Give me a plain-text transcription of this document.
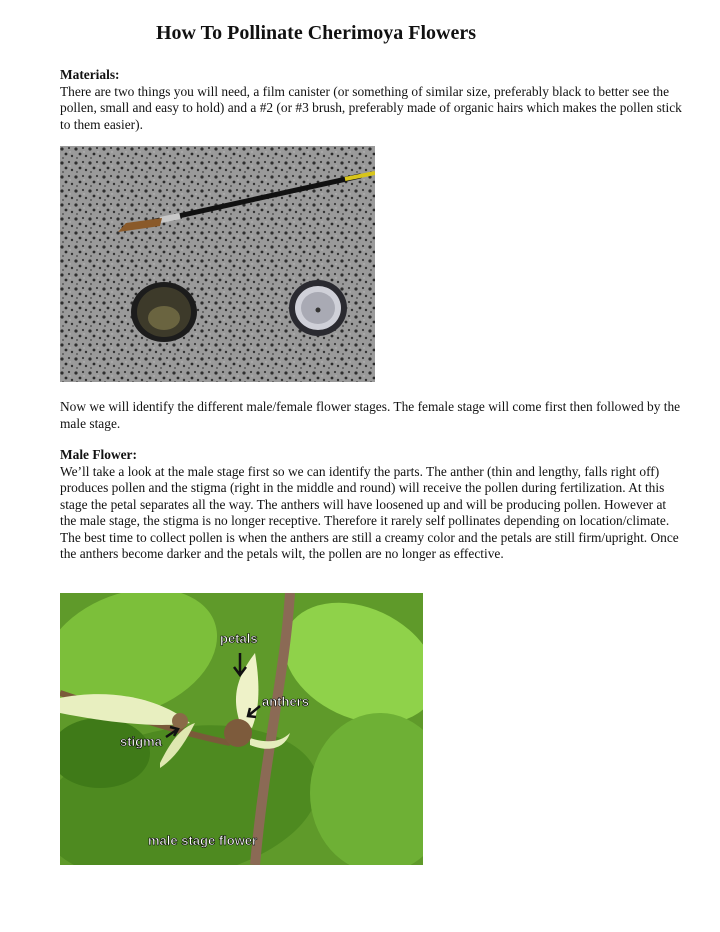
How To Pollinate Cherimoya Flowers
Materials:
There are two things you will need, a film canister (or something of similar size, preferably black to better see the pollen, small and easy to hold) and a #2 (or #3 brush, preferably made of organic hairs which makes the pollen stick to them easier).
Now we will identify the different male/female flower stages. The female stage will come first then followed by the male stage.
Male Flower:
We’ll take a look at the male stage first so we can identify the parts. The anther (thin and lengthy, falls right off) produces pollen and the stigma (right in the middle and round) will receive the pollen during fertilization. At this stage the petal separates all the way. The anthers will have loosened up and will be producing pollen. However at the male stage, the stigma is no longer receptive. Therefore it rarely self pollinates depending on location/climate. The best time to collect pollen is when the anthers are still a creamy color and the petals are still firm/upright. Once the anthers become darker and the petals wilt, the pollen are no longer as effective.
petals
anthers
stigma
male stage flower
